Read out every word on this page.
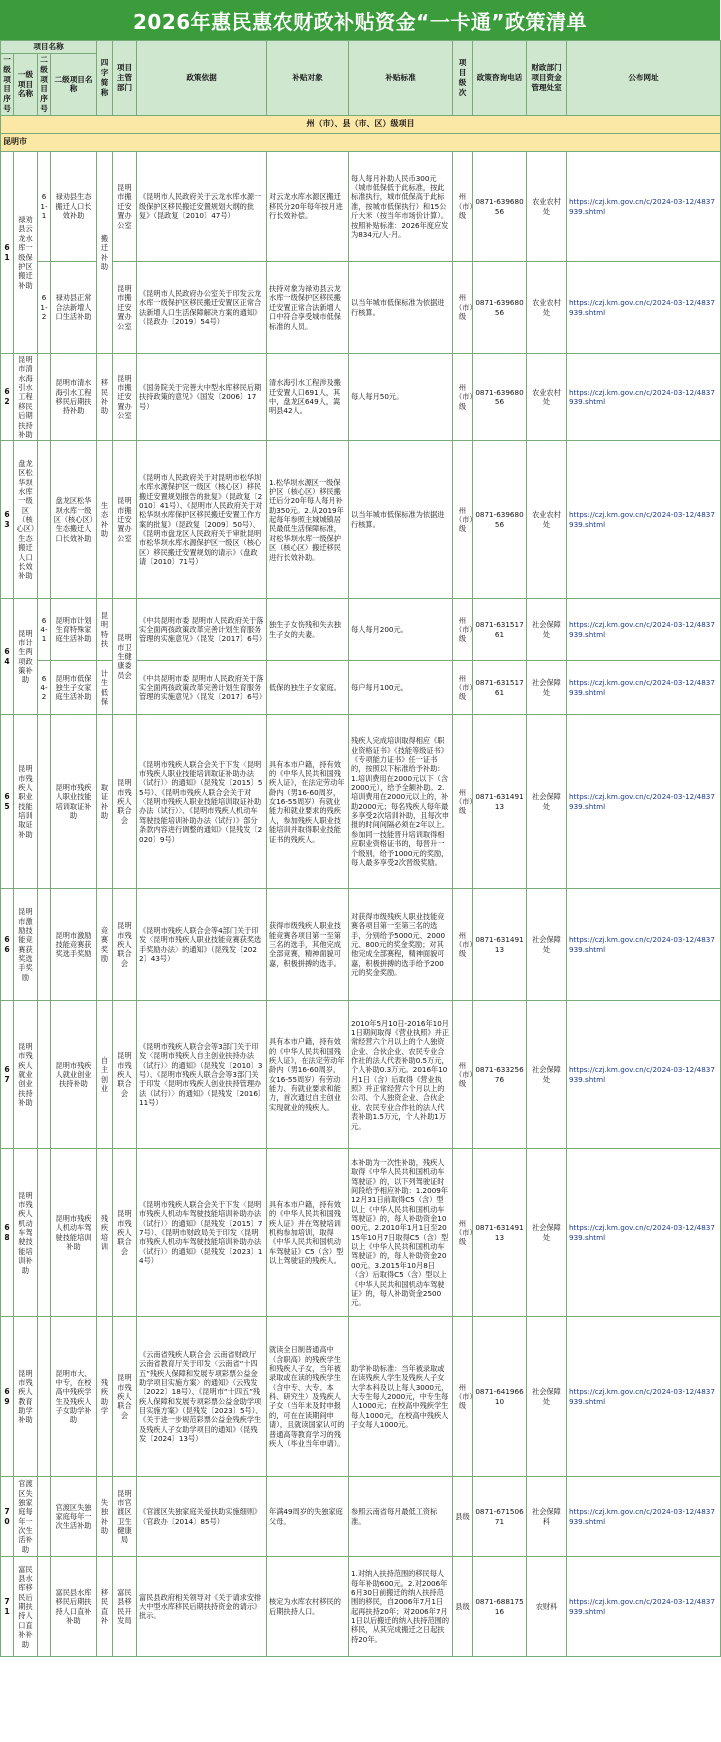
2026年惠民惠农财政补贴资金“一卡通”政策清单
项目名称				四字简称	项目主管部门	政策依据	补贴对象	补贴标准	项目级次	政策咨询电话	财政部门项目资金管理处室	公布网址
一级项目序号	一级项目名称	二级项目序号	二级项目名称									
州（市）、县（市、区）级项目												
昆明市												
61	禄劝县云龙水库一级保护区搬迁补助	61-1	禄劝县生态搬迁人口长效补助	搬迁补助	昆明市搬迁安置办公室	《昆明市人民政府关于云龙水库水源一级保护区移民搬迁安置规划大纲的批复》（昆政复〔2010〕47号）	对云龙水库水源区搬迁移民分20年每年按月进行长效补偿。	每人每月补助人民币300元（城市低保低于此标准，按此标准执行，城市低保高于此标准，按城市低保执行）和15公斤大米（按当年市场价计算）。按照补贴标准：2026年度应发为834元/人·月。	州（市）级	0871-63968056	农业农村处	https://czj.km.gov.cn/c/2024-03-12/4837939.shtml
		61-2	禄劝县正常合法新增人口生活补助		昆明市搬迁安置办公室	《昆明市人民政府办公室关于印发云龙水库一级保护区移民搬迁安置区正常合法新增人口生活保障解决方案的通知》（昆政办〔2019〕54号）	扶持对象为禄劝县云龙水库一级保护区移民搬迁安置正常合法新增人口中符合享受城市低保标准的人员。	以当年城市低保标准为依据进行核算。	州（市）级	0871-63968056	农业农村处	https://czj.km.gov.cn/c/2024-03-12/4837939.shtml
62	昆明市清水海引水工程移民后期扶持补助		昆明市清水海引水工程移民后期扶持补助	移民补助	昆明市搬迁安置办公室	《国务院关于完善大中型水库移民后期扶持政策的意见》（国发〔2006〕17号）	清水海引水工程涉及搬迁安置人口691人，其中，盘龙区649人，嵩明县42人。	每人每月50元。	州（市）级	0871-63968056	农业农村处	https://czj.km.gov.cn/c/2024-03-12/4837939.shtml
63	盘龙区松华坝水库一级区（核心区）生态搬迁人口长效补助		盘龙区松华坝水库一级区（核心区）生态搬迁人口长效补助	生态补助	昆明市搬迁安置办公室	《昆明市人民政府关于对昆明市松华坝水库水源保护区一级区（核心区）移民搬迁安置规划报告的批复》（昆政复〔2010〕41号）、《昆明市人民政府关于对松华坝水库保护区移民搬迁安置工作方案的批复》（昆政复〔2009〕50号）、《昆明市盘龙区人民政府关于审批昆明市松华坝水库水源保护区一级区（核心区）移民搬迁安置规划的请示》（盘政请〔2010〕71号）	1.松华坝水源区一级保护区（核心区）移民搬迁后分20年每人每月补助350元。2.从2019年起每年参照主城城镇居民最低生活保障标准，对松华坝水库一级保护区（核心区）搬迁移民进行长效补助。	以当年城市低保标准为依据进行核算。	州（市）级	0871-63968056	农业农村处	https://czj.km.gov.cn/c/2024-03-12/4837939.shtml
64	昆明市计生两项政策补助	64-1	昆明市计划生育特殊家庭生活补助	昆明特扶	昆明市卫生健康委员会	《中共昆明市委 昆明市人民政府关于落实全面两孩政策改革完善计划生育服务管理的实施意见》（昆发〔2017〕6号）	独生子女伤残和失去独生子女的夫妻。	每人每月200元。	州（市）级	0871-63151761	社会保障处	https://czj.km.gov.cn/c/2024-03-12/4837939.shtml
		64-2	昆明市低保独生子女家庭生活补助	计生低保		《中共昆明市委 昆明市人民政府关于落实全面两孩政策改革完善计划生育服务管理的实施意见》（昆发〔2017〕6号）	低保的独生子女家庭。	每户每月100元。	州（市）级	0871-63151761	社会保障处	https://czj.km.gov.cn/c/2024-03-12/4837939.shtml
65	昆明市残疾人职业技能培训取证补助		昆明市残疾人职业技能培训取证补助	取证补助	昆明市残疾人联合会	《昆明市残疾人联合会关于下发〈昆明市残疾人职业技能培训取证补助办法（试行）〉的通知》（昆残发〔2015〕55号）、《昆明市残疾人联合会关于对〈昆明市残疾人职业技能培训取证补助办法（试行）〉、《昆明市残疾人机动车驾驶技能培训补助办法（试行）》部分条款内容进行调整的通知》（昆残发〔2020〕9号）	具有本市户籍，持有效的《中华人民共和国残疾人证》，在法定劳动年龄内（男16-60周岁，女16-55周岁）有就业能力和就业要求的残疾人，参加残疾人职业技能培训并取得职业技能证书的残疾人。	残疾人完成培训取得相应《职业资格证书》《技能等级证书》《专项能力证书》任一证书的，按照以下标准给予补助：1.培训费用在2000元以下（含2000元），给予全额补助。2.培训费用在2000元以上的，补助2000元；每名残疾人每年最多享受2次培训补助，且每次申报的时间间隔必须在2年以上。参加同一技能晋升培训取得相应职业资格证书的，每晋升一个级别，给予1000元的奖励，每人最多享受2次晋级奖励。	州（市）级	0871-63149113	社会保障处	https://czj.km.gov.cn/c/2024-03-12/4837939.shtml
66	昆明市激励技能竞赛获奖选手奖励		昆明市激励技能竞赛获奖选手奖励	竞赛奖励	昆明市残疾人联合会	《昆明市残疾人联合会等4部门关于印发〈昆明市残疾人职业技能竞赛获奖选手奖励办法〉的通知》（昆残发〔2022〕43号）	获得市级残疾人职业技能竞赛各项目第一至第三名的选手，其他完成全部竞赛，精神面貌可嘉，积极拼搏的选手。	对获得市级残疾人职业技能竞赛各项目第一至第三名的选手，分别给予5000元、2000元、800元的奖金奖励；对其他完成全部赛程，精神面貌可嘉，积极拼搏的选手给予200元的奖金奖励。	州（市）级	0871-63149113	社会保障处	https://czj.km.gov.cn/c/2024-03-12/4837939.shtml
67	昆明市残疾人就业创业扶持补助		昆明市残疾人就业创业扶持补助	自主创业	昆明市残疾人联合会	《昆明市残疾人联合会等3部门关于印发〈昆明市残疾人自主创业扶持办法（试行）〉的通知》（昆残发〔2010〕3号）、《昆明市残疾人联合会等3部门关于印发〈昆明市残疾人创业扶持管理办法（试行）〉的通知》（昆残发〔2016〕11号）	具有本市户籍，持有效的《中华人民共和国残疾人证》，在法定劳动年龄内（男16-60周岁，女16-55周岁）有劳动能力、有就业要求和能力，首次通过自主创业实现就业的残疾人。	2010年5月10日-2016年10月1日期间取得《营业执照》并正常经营六个月以上的个人独资企业、合伙企业、农民专业合作社的法人代表补助0.5万元，个人补助0.3万元。2016年10月1日（含）后取得《营业执照》并正常经营六个月以上的公司、个人独资企业、合伙企业、农民专业合作社的法人代表补助1.5万元，个人补助1万元。	州（市）级	0871-63325676	社会保障处	https://czj.km.gov.cn/c/2024-03-12/4837939.shtml
68	昆明市残疾人机动车驾驶技能培训补助		昆明市残疾人机动车驾驶技能培训补助	残疾培训	昆明市残疾人联合会	《昆明市残疾人联合会关于下发〈昆明市残疾人机动车驾驶技能培训补助办法（试行）〉的通知》（昆残发〔2015〕77号）、《昆明市财政局关于印发〈昆明市残疾人机动车驾驶技能培训补助办法（试行）〉的通知》（昆残发〔2023〕14号）	具有本市户籍，持有效的《中华人民共和国残疾人证》并在驾驶培训机构参加培训，取得《中华人民共和国机动车驾驶证》C5（含）型以上驾驶证的残疾人。	本补助为一次性补助，残疾人取得《中华人民共和国机动车驾驶证》的，以下列驾驶证时间段给予相应补助：1.2009年12月31日前取得C5（含）型以上《中华人民共和国机动车驾驶证》的，每人补助资金1000元。2.2010年1月1日至2015年10月7日取得C5（含）型以上《中华人民共和国机动车驾驶证》的，每人补助资金2000元。3.2015年10月8日（含）后取得C5（含）型以上《中华人民共和国机动车驾驶证》的，每人补助资金2500元。	州（市）级	0871-63149113	社会保障处	https://czj.km.gov.cn/c/2024-03-12/4837939.shtml
69	昆明市残疾人教育助学补助		昆明市大、中专，在校高中残疾学生及残疾人子女助学补助	残疾助学	昆明市残疾人联合会	《云南省残疾人联合会 云南省财政厅 云南省教育厅关于印发〈云南省“十四五”残疾人保障和发展专项彩票公益金助学项目实施方案〉的通知》（云残发〔2022〕18号）、《昆明市“十四五”残疾人保障和发展专项彩票公益金助学项目实施方案》（昆残发〔2023〕5号）、《关于进一步规范彩票公益金残疾学生及残疾人子女助学项目的通知》（昆残发〔2024〕13号）	就读全日制普通高中（含职高）的残疾学生和残疾人子女，当年被录取或在读的残疾学生（含中专、大专、本科、研究生）及残疾人子女（当年未及时申报的，可在在读期间申请），且就读国家认可的普通高等教育学习的残疾人（毕业当年申请）。	助学补助标准：当年被录取或在读残疾人学生及残疾人子女大学本科及以上每人3000元，大专生每人2000元，中专生每人1000元；在校高中残疾学生每人1000元，在校高中残疾人子女每人1000元。	州（市）级	0871-64196610	社会保障处	https://czj.km.gov.cn/c/2024-03-12/4837939.shtml
70	官渡区失独家庭每年一次生活补助		官渡区失独家庭每年一次生活补助	失独补助	昆明市官渡区卫生健康局	《官渡区失独家庭关爱扶助实施细则》（官政办〔2014〕85号）	年满49周岁的失独家庭父母。	参照云南省每月最低工资标准。	县级	0871-67150671	社会保障科	https://czj.km.gov.cn/c/2024-03-12/4837939.shtml
71	富民县水库移民后期扶持人口直补补助		富民县水库移民后期扶持人口直补补助	移民直补	富民县移民开发局	富民县政府相关领导对《关于请求安排大中型水库移民后期扶持资金的请示》批示。	核定为水库农村移民的后期扶持人口。	1.对纳入扶持范围的移民每人每年补助600元。2.对2006年6月30日前搬迁的纳入扶持范围的移民，自2006年7月1日起再扶持20年；对2006年7月1日以后搬迁的纳入扶持范围的移民，从其完成搬迁之日起扶持20年。	县级	0871-68817516	农财科	https://czj.km.gov.cn/c/2024-03-12/4837939.shtml
